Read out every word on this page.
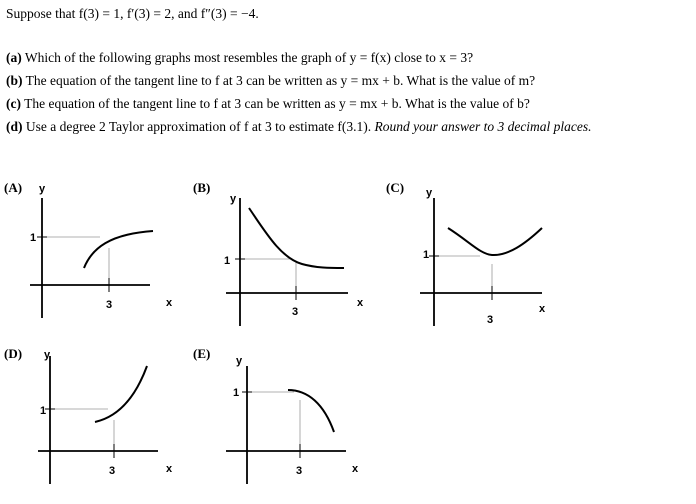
Suppose that f(3) = 1, f′(3) = 2, and f″(3) = −4.
(a) Which of the following graphs most resembles the graph of y = f(x) close to x = 3?
(b) The equation of the tangent line to f at 3 can be written as y = mx + b. What is the value of m?
(c) The equation of the tangent line to f at 3 can be written as y = mx + b. What is the value of b?
(d) Use a degree 2 Taylor approximation of f at 3 to estimate f(3.1). Round your answer to 3 decimal places.
(A) y
1
3	x
(B)
y
1
3
x
(C) y
1
3
x
(D) y
1
3	x
(E) y
1
3	x
